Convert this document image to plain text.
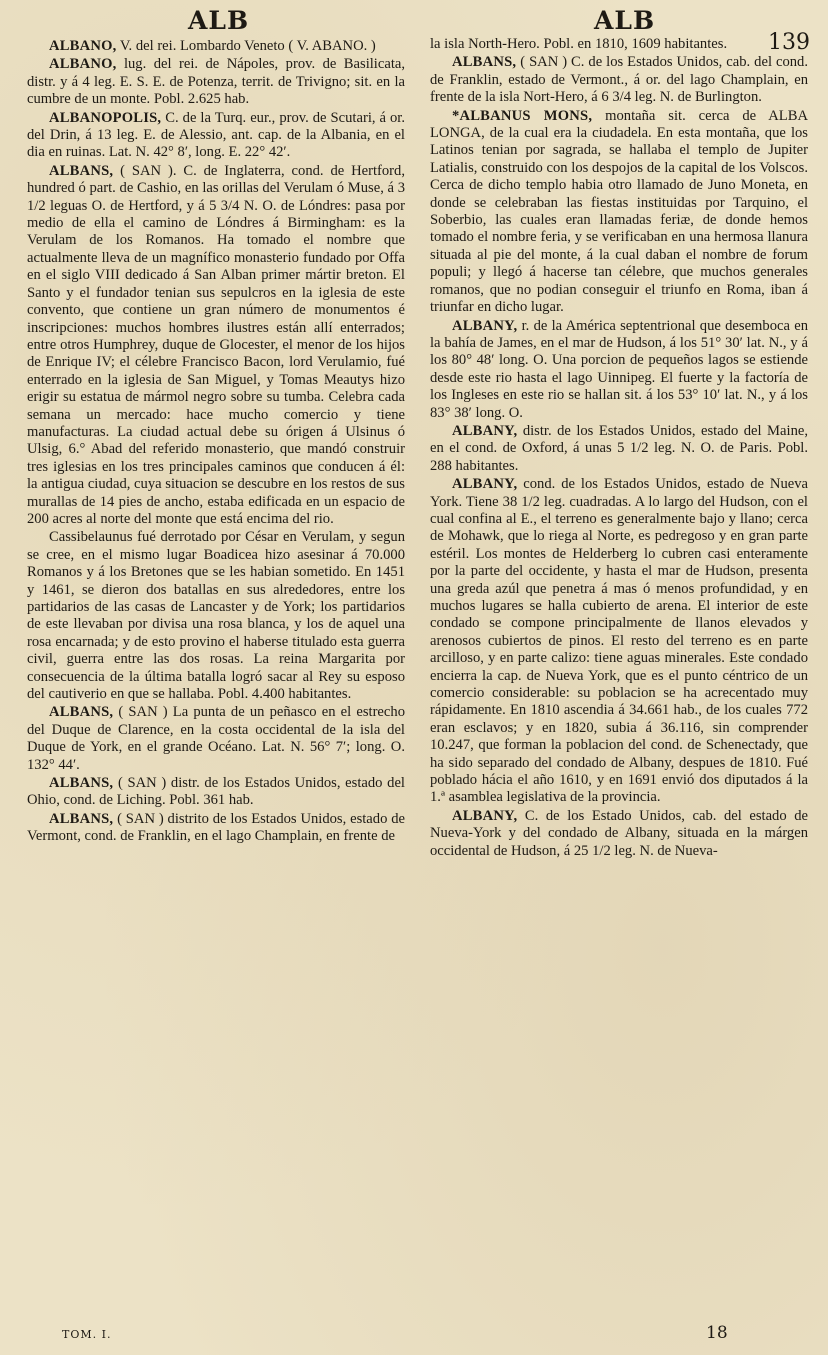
ALB	ALB
139

ALBANO, V. del rei. Lombardo Veneto ( V. ABANO. )

ALBANO, lug. del rei. de Nápoles, prov. de Basilicata, distr. y á 4 leg. E. S. E. de Potenza, territ. de Trivigno; sit. en la cumbre de un monte. Pobl. 2.625 hab.

ALBANOPOLIS, C. de la Turq. eur., prov. de Scutari, á or. del Drin, á 13 leg. E. de Alessio, ant. cap. de la Albania, en el dia en ruinas. Lat. N. 42° 8′, long. E. 22° 42′.

ALBANS, ( SAN ). C. de Inglaterra, cond. de Hertford, hundred ó part. de Cashio, en las orillas del Verulam ó Muse, á 3 1/2 leguas O. de Hertford, y á 5 3/4 N. O. de Lóndres: pasa por medio de ella el camino de Lóndres á Birmingham: es la Verulam de los Romanos. Ha tomado el nombre que actualmente lleva de un magnífico monasterio fundado por Offa en el siglo VIII dedicado á San Alban primer mártir breton. El Santo y el fundador tenian sus sepulcros en la iglesia de este convento, que contiene un gran número de monumentos é inscripciones: muchos hombres ilustres están allí enterrados; entre otros Humphrey, duque de Glocester, el menor de los hijos de Enrique IV; el célebre Francisco Bacon, lord Verulamio, fué enterrado en la iglesia de San Miguel, y Tomas Meautys hizo erigir su estatua de mármol negro sobre su tumba. Celebra cada semana un mercado: hace mucho comercio y tiene manufacturas. La ciudad actual debe su órigen á Ulsinus ó Ulsig, 6.° Abad del referido monasterio, que mandó construir tres iglesias en los tres principales caminos que conducen á él: la antigua ciudad, cuya situacion se descubre en los restos de sus murallas de 14 pies de ancho, estaba edificada en un espacio de 200 acres al norte del monte que está encima del rio.

Cassibelaunus fué derrotado por César en Verulam, y segun se cree, en el mismo lugar Boadicea hizo asesinar á 70.000 Romanos y á los Bretones que se les habian sometido. En 1451 y 1461, se dieron dos batallas en sus alrededores, entre los partidarios de las casas de Lancaster y de York; los partidarios de este llevaban por divisa una rosa blanca, y los de aquel una rosa encarnada; y de esto provino el haberse titulado esta guerra civil, guerra entre las dos rosas. La reina Margarita por consecuencia de la última batalla logró sacar al Rey su esposo del cautiverio en que se hallaba. Pobl. 4.400 habitantes.

ALBANS, ( SAN ) La punta de un peñasco en el estrecho del Duque de Clarence, en la costa occidental de la isla del Duque de York, en el grande Océano. Lat. N. 56° 7′; long. O. 132° 44′.

ALBANS, ( SAN ) distr. de los Estados Unidos, estado del Ohio, cond. de Liching. Pobl. 361 hab.

ALBANS, ( SAN ) distrito de los Estados Unidos, estado de Vermont, cond. de Franklin, en el lago Champlain, en frente de

la isla North-Hero. Pobl. en 1810, 1609 habitantes.

ALBANS, ( SAN ) C. de los Estados Unidos, cab. del cond. de Franklin, estado de Vermont., á or. del lago Champlain, en frente de la isla Nort-Hero, á 6 3/4 leg. N. de Burlington.

*ALBANUS MONS, montaña sit. cerca de ALBA LONGA, de la cual era la ciudadela. En esta montaña, que los Latinos tenian por sagrada, se hallaba el templo de Jupiter Latialis, construido con los despojos de la capital de los Volscos. Cerca de dicho templo habia otro llamado de Juno Moneta, en donde se celebraban las fiestas instituidas por Tarquino, el Soberbio, las cuales eran llamadas feriæ, de donde hemos tomado el nombre feria, y se verificaban en una hermosa llanura situada al pie del monte, á la cual daban el nombre de forum populi; y llegó á hacerse tan célebre, que muchos generales romanos, que no podian conseguir el triunfo en Roma, iban á triunfar en dicho lugar.

ALBANY, r. de la América septentrional que desemboca en la bahía de James, en el mar de Hudson, á los 51° 30′ lat. N., y á los 80° 48′ long. O. Una porcion de pequeños lagos se estiende desde este rio hasta el lago Uinnipeg. El fuerte y la factoría de los Ingleses en este rio se hallan sit. á los 53° 10′ lat. N., y á los 83° 38′ long. O.

ALBANY, distr. de los Estados Unidos, estado del Maine, en el cond. de Oxford, á unas 5 1/2 leg. N. O. de Paris. Pobl. 288 habitantes.

ALBANY, cond. de los Estados Unidos, estado de Nueva York. Tiene 38 1/2 leg. cuadradas. A lo largo del Hudson, con el cual confina al E., el terreno es generalmente bajo y llano; cerca de Mohawk, que lo riega al Norte, es pedregoso y en gran parte estéril. Los montes de Helderberg lo cubren casi enteramente por la parte del occidente, y hasta el mar de Hudson, presenta una greda azúl que penetra á mas ó menos profundidad, y en muchos lugares se halla cubierto de arena. El interior de este condado se compone principalmente de llanos elevados y arenosos cubiertos de pinos. El resto del terreno es en parte arcilloso, y en parte calizo: tiene aguas minerales. Este condado encierra la cap. de Nueva York, que es el punto céntrico de un comercio considerable: su poblacion se ha acrecentado muy rápidamente. En 1810 ascendia á 34.661 hab., de los cuales 772 eran esclavos; y en 1820, subia á 36.116, sin comprender 10.247, que forman la poblacion del cond. de Schenectady, que ha sido separado del condado de Albany, despues de 1810. Fué poblado hácia el año 1610, y en 1691 envió dos diputados á la 1.ª asamblea legislativa de la provincia.

ALBANY, C. de los Estado Unidos, cab. del estado de Nueva-York y del condado de Albany, situada en la márgen occidental de Hudson, á 25 1/2 leg. N. de Nueva-

TOM. I.	18
